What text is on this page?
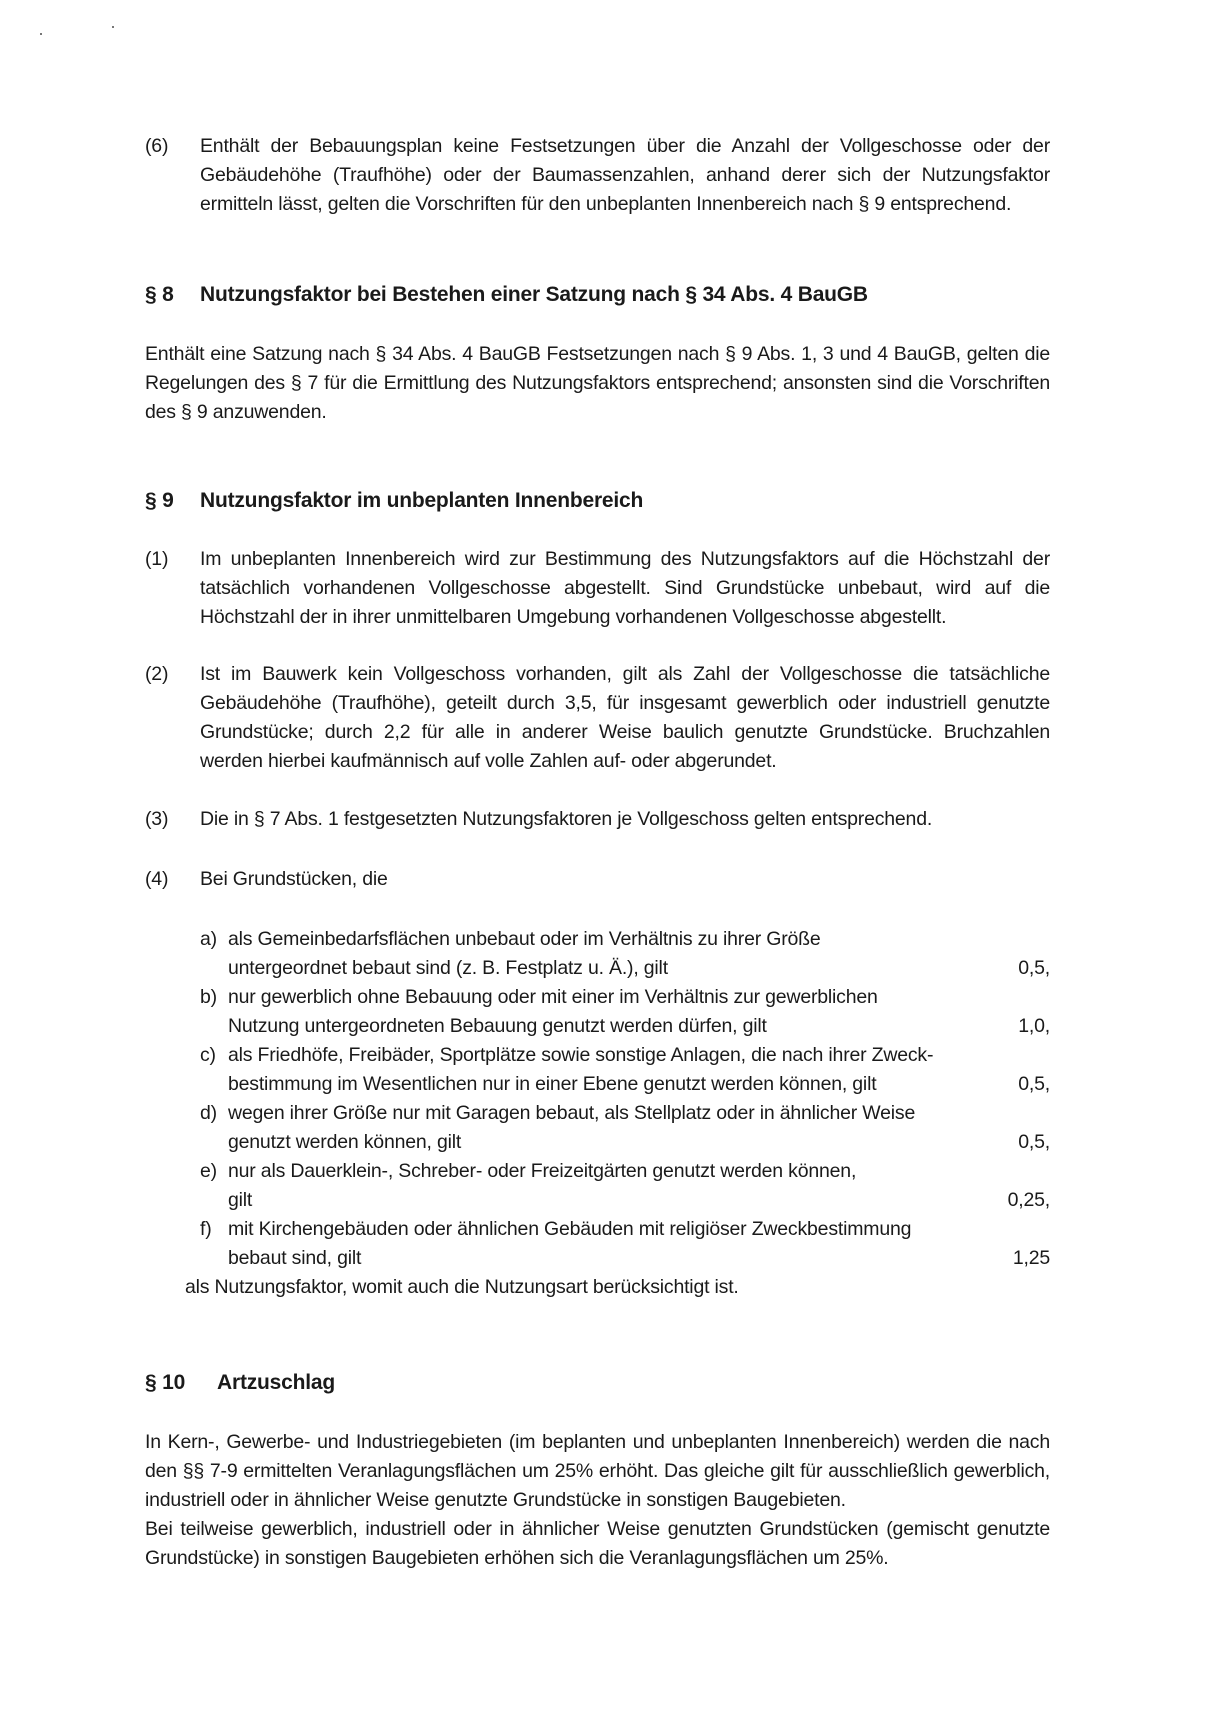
(6)	Enthält der Bebauungsplan keine Festsetzungen über die Anzahl der Vollgeschosse oder der Gebäudehöhe (Traufhöhe) oder der Baumassenzahlen, anhand derer sich der Nutzungsfaktor ermitteln lässt, gelten die Vorschriften für den unbeplanten Innenbereich nach § 9 entsprechend.
§ 8	Nutzungsfaktor bei Bestehen einer Satzung nach § 34 Abs. 4 BauGB
Enthält eine Satzung nach § 34 Abs. 4 BauGB Festsetzungen nach § 9 Abs. 1, 3 und 4 BauGB, gelten die Regelungen des § 7 für die Ermittlung des Nutzungsfaktors entsprechend; ansonsten sind die Vorschriften des § 9 anzuwenden.
§ 9	Nutzungsfaktor im unbeplanten Innenbereich
(1)	Im unbeplanten Innenbereich wird zur Bestimmung des Nutzungsfaktors auf die Höchstzahl der tatsächlich vorhandenen Vollgeschosse abgestellt. Sind Grundstücke unbebaut, wird auf die Höchstzahl der in ihrer unmittelbaren Umgebung vorhandenen Vollgeschosse abgestellt.
(2)	Ist im Bauwerk kein Vollgeschoss vorhanden, gilt als Zahl der Vollgeschosse die tatsächliche Gebäudehöhe (Traufhöhe), geteilt durch 3,5, für insgesamt gewerblich oder industriell genutzte Grundstücke; durch 2,2 für alle in anderer Weise baulich genutzte Grundstücke. Bruchzahlen werden hierbei kaufmännisch auf volle Zahlen auf- oder abgerundet.
(3)	Die in § 7 Abs. 1 festgesetzten Nutzungsfaktoren je Vollgeschoss gelten entsprechend.
(4)	Bei Grundstücken, die
a) als Gemeinbedarfsflächen unbebaut oder im Verhältnis zu ihrer Größe
untergeordnet bebaut sind (z. B. Festplatz u. Ä.), gilt	0,5,
b) nur gewerblich ohne Bebauung oder mit einer im Verhältnis zur gewerblichen
Nutzung untergeordneten Bebauung genutzt werden dürfen, gilt	1,0,
c) als Friedhöfe, Freibäder, Sportplätze sowie sonstige Anlagen, die nach ihrer Zweck-
bestimmung im Wesentlichen nur in einer Ebene genutzt werden können, gilt	0,5,
d) wegen ihrer Größe nur mit Garagen bebaut, als Stellplatz oder in ähnlicher Weise
genutzt werden können, gilt	0,5,
e) nur als Dauerklein-, Schreber- oder Freizeitgärten genutzt werden können,
gilt	0,25,
f) mit Kirchengebäuden oder ähnlichen Gebäuden mit religiöser Zweckbestimmung
bebaut sind, gilt	1,25
als Nutzungsfaktor, womit auch die Nutzungsart berücksichtigt ist.
§ 10	Artzuschlag
In Kern-, Gewerbe- und Industriegebieten (im beplanten und unbeplanten Innenbereich) werden die nach den §§ 7-9 ermittelten Veranlagungsflächen um 25% erhöht. Das gleiche gilt für ausschließlich gewerblich, industriell oder in ähnlicher Weise genutzte Grundstücke in sonstigen Baugebieten.
Bei teilweise gewerblich, industriell oder in ähnlicher Weise genutzten Grundstücken (gemischt genutzte Grundstücke) in sonstigen Baugebieten erhöhen sich die Veranlagungsflächen um 25%.
